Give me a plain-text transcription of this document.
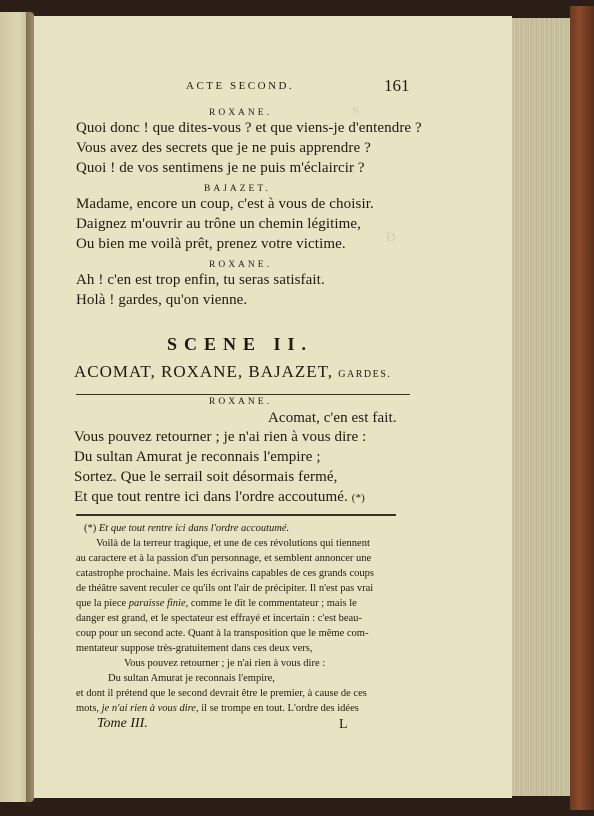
S
D
ACTE SECOND.	161
ROXANE.
Quoi donc ! que dites-vous ? et que viens-je d'entendre ?
Vous avez des secrets que je ne puis apprendre ?
Quoi ! de vos sentimens je ne puis m'éclaircir ?
BAJAZET.
Madame, encore un coup, c'est à vous de choisir.
Daignez m'ouvrir au trône un chemin légitime,
Ou bien me voilà prêt, prenez votre victime.
ROXANE.
Ah ! c'en est trop enfin, tu seras satisfait.
Holà ! gardes, qu'on vienne.
SCENE II.
ACOMAT, ROXANE, BAJAZET, GARDES.
ROXANE.
Acomat, c'en est fait.
Vous pouvez retourner ; je n'ai rien à vous dire :
Du sultan Amurat je reconnais l'empire ;
Sortez. Que le serrail soit désormais fermé,
Et que tout rentre ici dans l'ordre accoutumé. (*)
(*) Et que tout rentre ici dans l'ordre accoutumé.
Voilà de la terreur tragique, et une de ces révolutions qui tiennent
au caractere et à la passion d'un personnage, et semblent annoncer une
catastrophe prochaine. Mais les écrivains capables de ces grands coups
de théâtre savent reculer ce qu'ils ont l'air de précipiter. Il n'est pas vrai
que la piece paraisse finie, comme le dit le commentateur ; mais le
danger est grand, et le spectateur est effrayé et incertain : c'est beau-
coup pour un second acte. Quant à la transposition que le même com-
mentateur suppose très-gratuitement dans ces deux vers,
Vous pouvez retourner ; je n'ai rien à vous dire :
Du sultan Amurat je reconnais l'empire,
et dont il prétend que le second devrait être le premier, à cause de ces
mots, je n'ai rien à vous dire, il se trompe en tout. L'ordre des idées
Tome III.	L
